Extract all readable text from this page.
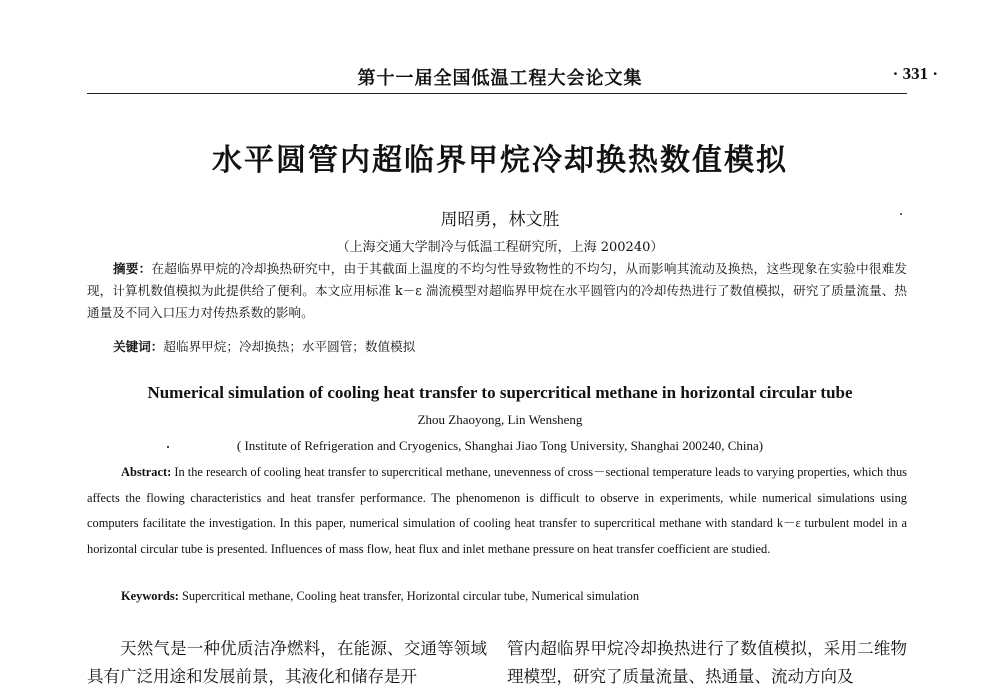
第十一届全国低温工程大会论文集	· 331 ·
水平圆管内超临界甲烷冷却换热数值模拟
周昭勇，林文胜
（上海交通大学制冷与低温工程研究所，上海 200240）
摘要：在超临界甲烷的冷却换热研究中，由于其截面上温度的不均匀性导致物性的不均匀，从而影响其流动及换热，这些现象在实验中很难发现，计算机数值模拟为此提供给了便利。本文应用标准 k－ε 湍流模型对超临界甲烷在水平圆管内的冷却传热进行了数值模拟，研究了质量流量、热通量及不同入口压力对传热系数的影响。
关键词：超临界甲烷；冷却换热；水平圆管；数值模拟
Numerical simulation of cooling heat transfer to supercritical methane in horizontal circular tube
Zhou Zhaoyong, Lin Wensheng
( Institute of Refrigeration and Cryogenics, Shanghai Jiao Tong University, Shanghai 200240, China)
Abstract: In the research of cooling heat transfer to supercritical methane, unevenness of cross－sectional temperature leads to varying properties, which thus affects the flowing characteristics and heat transfer performance. The phenomenon is difficult to observe in experiments, while numerical simulations using computers facilitate the investigation. In this paper, numerical simulation of cooling heat transfer to supercritical methane with standard k－ε turbulent model in a horizontal circular tube is presented. Influences of mass flow, heat flux and inlet methane pressure on heat transfer coefficient are studied.
Keywords: Supercritical methane, Cooling heat transfer, Horizontal circular tube, Numerical simulation

天然气是一种优质洁净燃料，在能源、交通等领域具有广泛用途和发展前景，其液化和储存是开

管内超临界甲烷冷却换热进行了数值模拟，采用二维物理模型，研究了质量流量、热通量、流动方向及
